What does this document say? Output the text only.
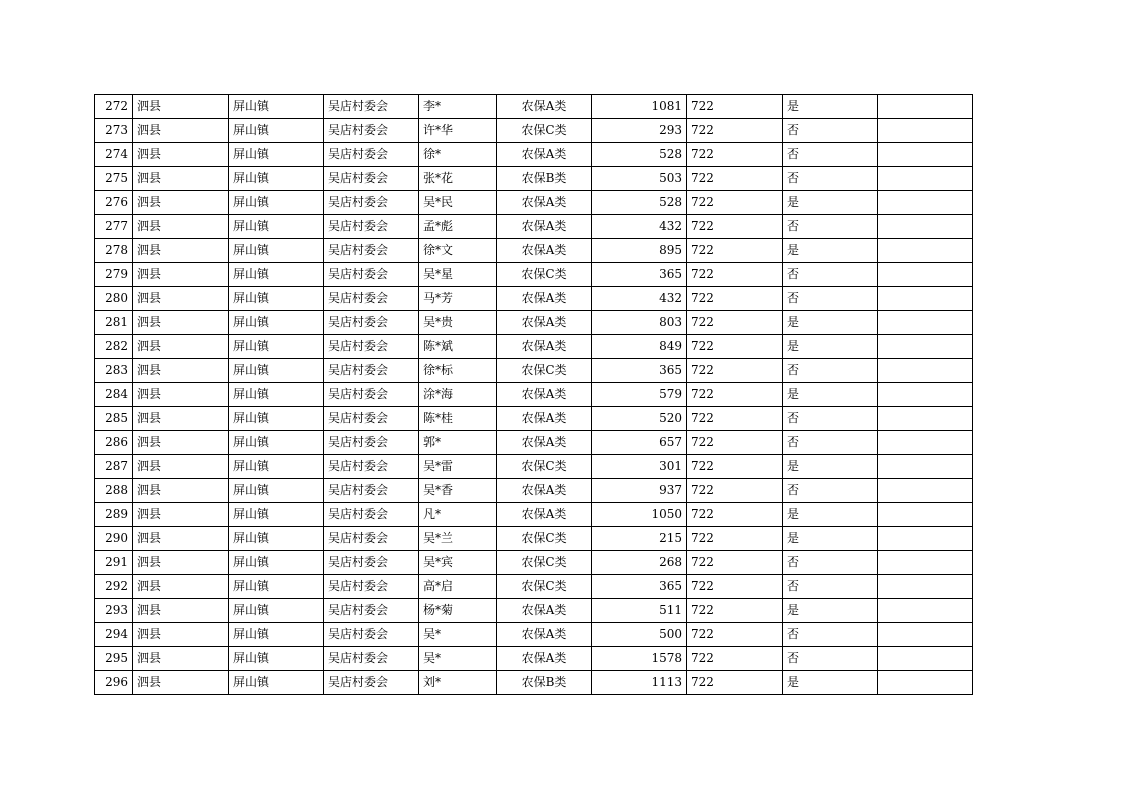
272	泗县	屏山镇	吴店村委会	李*	农保A类	1081	722	是	
273	泗县	屏山镇	吴店村委会	许*华	农保C类	293	722	否	
274	泗县	屏山镇	吴店村委会	徐*	农保A类	528	722	否	
275	泗县	屏山镇	吴店村委会	张*花	农保B类	503	722	否	
276	泗县	屏山镇	吴店村委会	吴*民	农保A类	528	722	是	
277	泗县	屏山镇	吴店村委会	孟*彪	农保A类	432	722	否	
278	泗县	屏山镇	吴店村委会	徐*文	农保A类	895	722	是	
279	泗县	屏山镇	吴店村委会	吴*星	农保C类	365	722	否	
280	泗县	屏山镇	吴店村委会	马*芳	农保A类	432	722	否	
281	泗县	屏山镇	吴店村委会	吴*贵	农保A类	803	722	是	
282	泗县	屏山镇	吴店村委会	陈*斌	农保A类	849	722	是	
283	泗县	屏山镇	吴店村委会	徐*标	农保C类	365	722	否	
284	泗县	屏山镇	吴店村委会	涂*海	农保A类	579	722	是	
285	泗县	屏山镇	吴店村委会	陈*桂	农保A类	520	722	否	
286	泗县	屏山镇	吴店村委会	郭*	农保A类	657	722	否	
287	泗县	屏山镇	吴店村委会	吴*雷	农保C类	301	722	是	
288	泗县	屏山镇	吴店村委会	吴*香	农保A类	937	722	否	
289	泗县	屏山镇	吴店村委会	凡*	农保A类	1050	722	是	
290	泗县	屏山镇	吴店村委会	吴*兰	农保C类	215	722	是	
291	泗县	屏山镇	吴店村委会	吴*宾	农保C类	268	722	否	
292	泗县	屏山镇	吴店村委会	高*启	农保C类	365	722	否	
293	泗县	屏山镇	吴店村委会	杨*菊	农保A类	511	722	是	
294	泗县	屏山镇	吴店村委会	吴*	农保A类	500	722	否	
295	泗县	屏山镇	吴店村委会	吴*	农保A类	1578	722	否	
296	泗县	屏山镇	吴店村委会	刘*	农保B类	1113	722	是	
